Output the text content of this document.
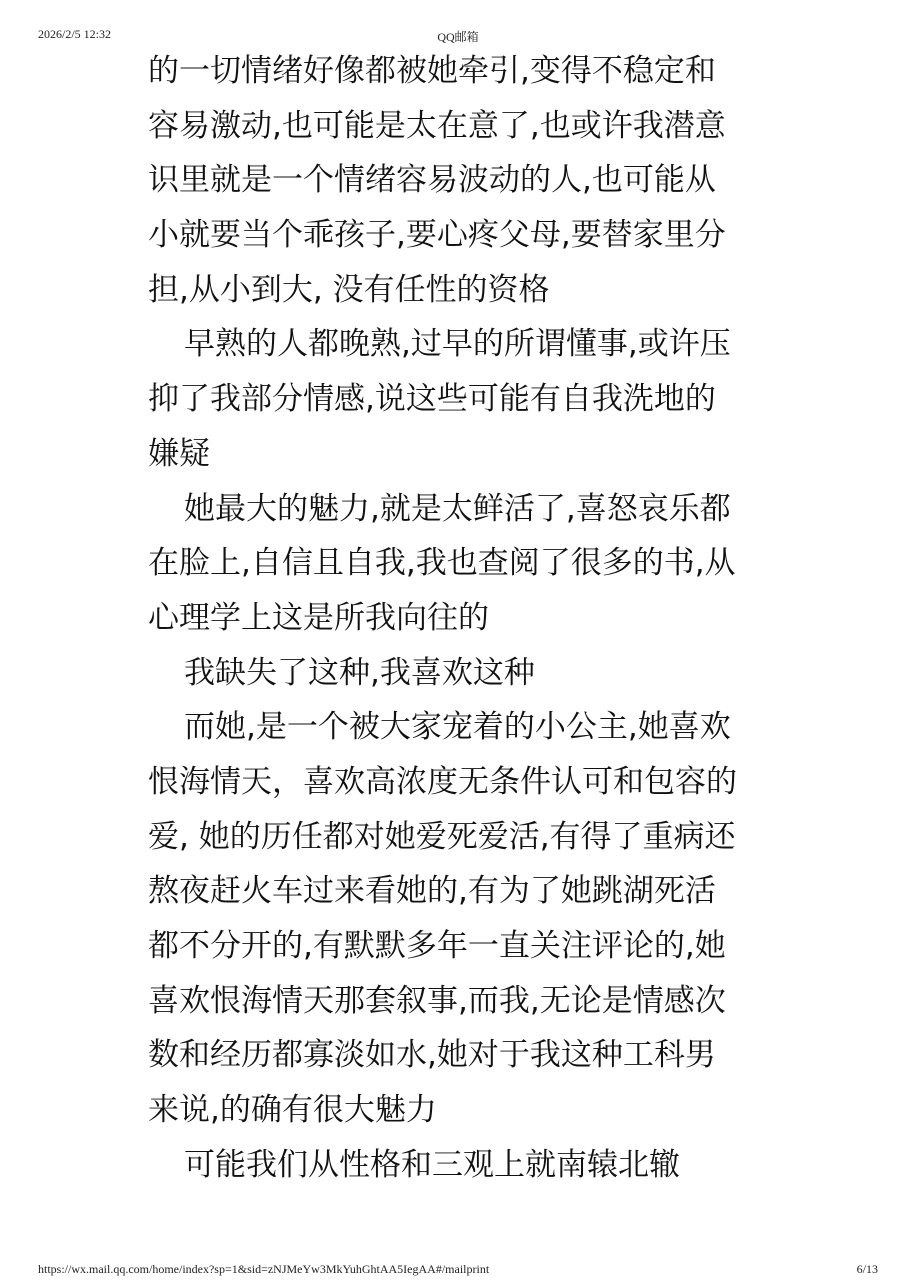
2026/2/5 12:32	QQ邮箱
的一切情绪好像都被她牵引,变得不稳定和
容易激动,也可能是太在意了,也或许我潜意
识里就是一个情绪容易波动的人,也可能从
小就要当个乖孩子,要心疼父母,要替家里分
担,从小到大, 没有任性的资格
早熟的人都晚熟,过早的所谓懂事,或许压
抑了我部分情感,说这些可能有自我洗地的
嫌疑
她最大的魅力,就是太鲜活了,喜怒哀乐都
在脸上,自信且自我,我也查阅了很多的书,从
心理学上这是所我向往的
我缺失了这种,我喜欢这种
而她,是一个被大家宠着的小公主,她喜欢
恨海情天，喜欢高浓度无条件认可和包容的
爱, 她的历任都对她爱死爱活,有得了重病还
熬夜赶火车过来看她的,有为了她跳湖死活
都不分开的,有默默多年一直关注评论的,她
喜欢恨海情天那套叙事,而我,无论是情感次
数和经历都寡淡如水,她对于我这种工科男
来说,的确有很大魅力
可能我们从性格和三观上就南辕北辙
https://wx.mail.qq.com/home/index?sp=1&sid=zNJMeYw3MkYuhGhtAA5IegAA#/mailprint	6/13
